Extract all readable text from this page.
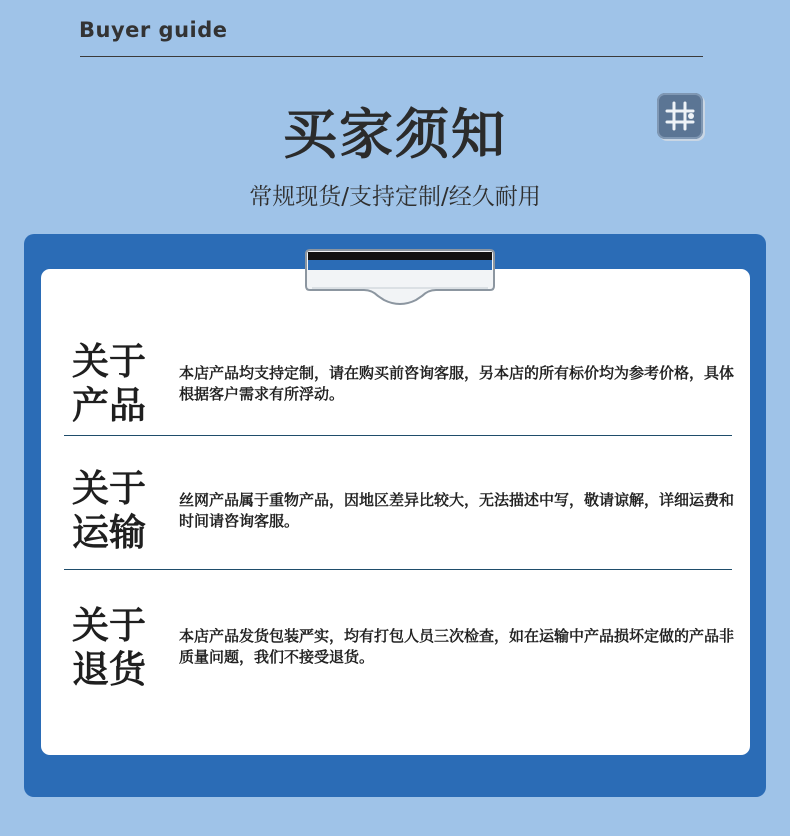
Buyer guide
买家须知
常规现货/支持定制/经久耐用
关于
产品
本店产品均支持定制，请在购买前咨询客服，另本店的所有标价均为参考价格，具体根据客户需求有所浮动。
关于
运输
丝网产品属于重物产品，因地区差异比较大，无法描述中写，敬请谅解，详细运费和时间请咨询客服。
关于
退货
本店产品发货包装严实，均有打包人员三次检查，如在运输中产品损坏定做的产品非质量问题，我们不接受退货。
